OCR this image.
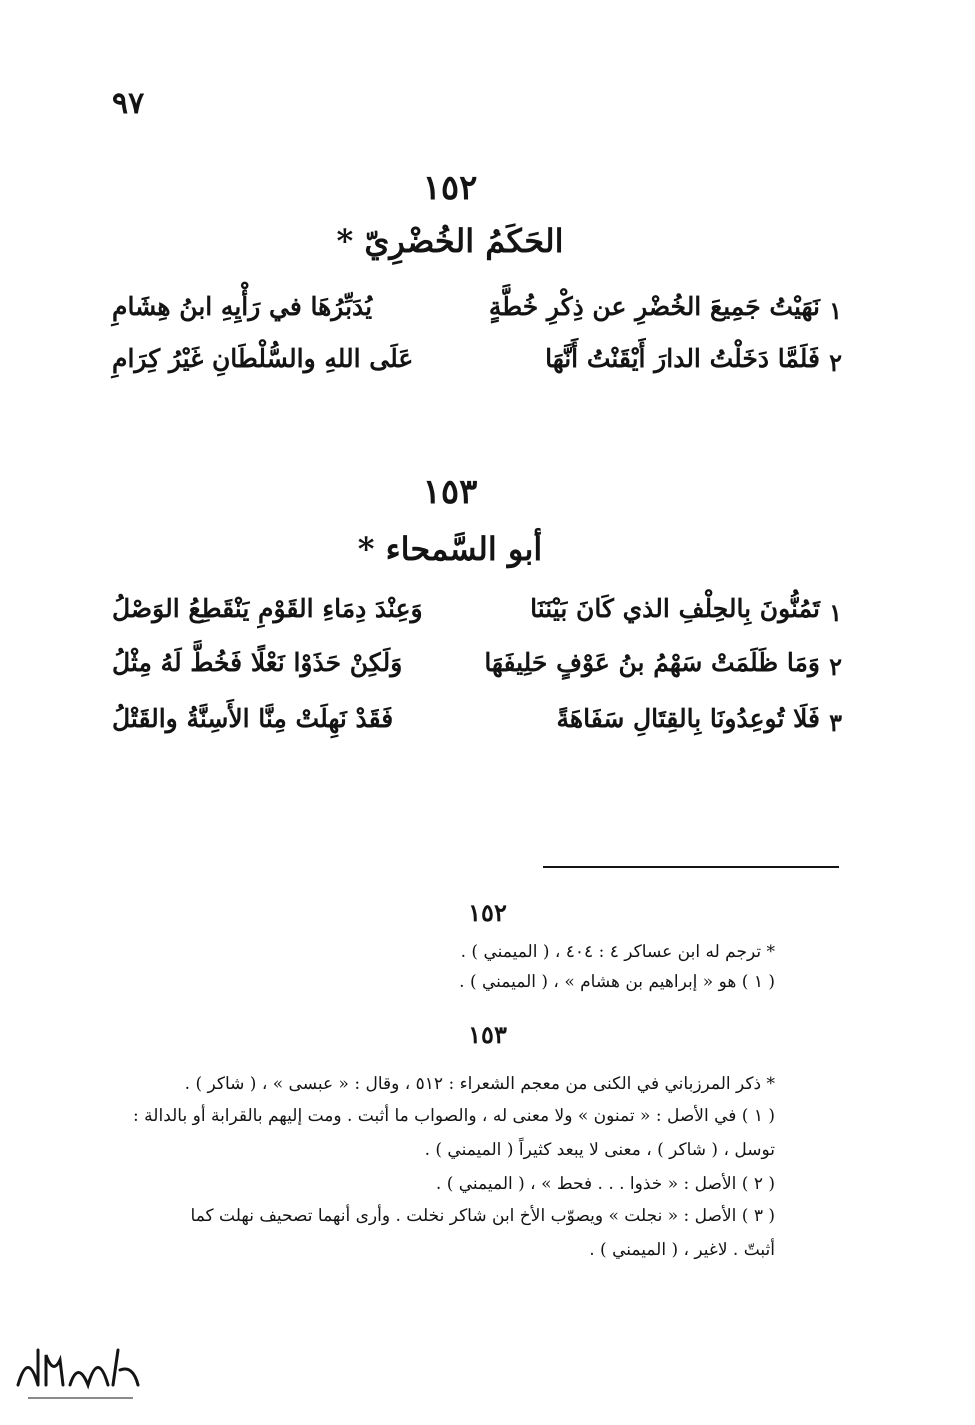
٩٧
١٥٢
الحَكَمُ الخُضْرِيّ *
١
نَهَيْتُ جَمِيعَ الخُضْرِ عن ذِكْرِ خُطَّةٍ
يُدَبِّرُهَا في رَأْيِهِ ابنُ هِشَامِ
٢
فَلَمَّا دَخَلْتُ الدارَ أَيْقَنْتُ أَنَّهَا
عَلَى اللهِ والسُّلْطَانِ غَيْرُ كِرَامِ
١٥٣
أبو السَّمحاء *
١
تَمُنُّونَ بِالحِلْفِ الذي كَانَ بَيْنَنَا
وَعِنْدَ دِمَاءِ القَوْمِ يَنْقَطِعُ الوَصْلُ
٢
وَمَا ظَلَمَتْ سَهْمُ بنُ عَوْفٍ حَلِيفَهَا
وَلَكِنْ حَذَوْا نَعْلًا فَخُطَّ لَهُ مِثْلُ
٣
فَلَا تُوعِدُونَا بِالقِتَالِ سَفَاهَةً
فَقَدْ نَهِلَتْ مِنَّا الأَسِنَّةُ والقَتْلُ
١٥٢
* ترجم له ابن عساكر ٤ : ٤٠٤ ، ( الميمني ) .
( ١ ) هو « إبراهيم بن هشام » ، ( الميمني ) .
١٥٣
* ذكر المرزباني في الكنى من معجم الشعراء : ٥١٢ ، وقال : « عبسى » ، ( شاكر ) .
( ١ ) في الأصل : « تمنون » ولا معنى له ، والصواب ما أثبت . ومت إليهم بالقرابة أو بالدالة :
توسل ، ( شاكر ) ، معنى لا يبعد كثيراً ( الميمني ) .
( ٢ ) الأصل : « خذوا . . . فحط » ، ( الميمني ) .
( ٣ ) الأصل : « نجلت » ويصوّب الأخ ابن شاكر نخلت . وأرى أنهما تصحيف نهلت كما
أثبتّ . لاغير ، ( الميمني ) .
